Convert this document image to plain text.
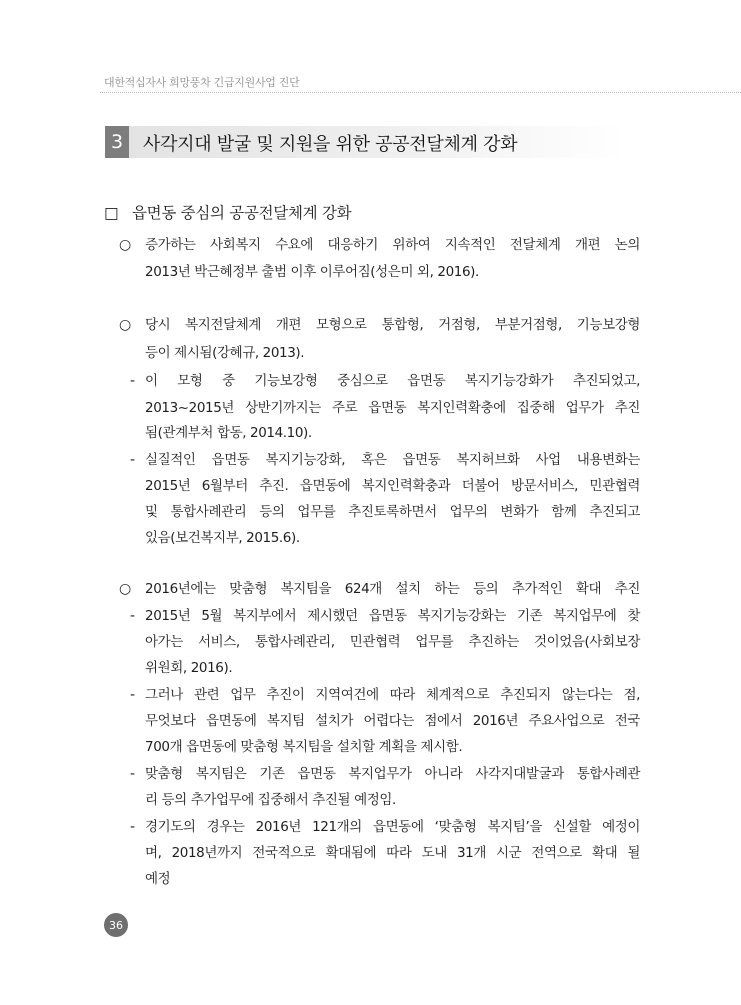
대한적십자사 희망풍차 긴급지원사업 진단
3	사각지대 발굴 및 지원을 위한 공공전달체계 강화
□ 읍면동 중심의 공공전달체계 강화
○ 증가하는 사회복지 수요에 대응하기 위하여 지속적인 전달체계 개편 논의
2013년 박근혜정부 출범 이후 이루어짐(성은미 외, 2016).
○ 당시 복지전달체계 개편 모형으로 통합형, 거점형, 부분거점형, 기능보강형
등이 제시됨(강혜규, 2013).
- 이 모형 중 기능보강형 중심으로 읍면동 복지기능강화가 추진되었고,
2013~2015년 상반기까지는 주로 읍면동 복지인력확충에 집중해 업무가 추진
됨(관계부처 합동, 2014.10).
- 실질적인 읍면동 복지기능강화, 혹은 읍면동 복지허브화 사업 내용변화는
2015년 6월부터 추진. 읍면동에 복지인력확충과 더불어 방문서비스, 민관협력
및 통합사례관리 등의 업무를 추진토록하면서 업무의 변화가 함께 추진되고
있음(보건복지부, 2015.6).
○ 2016년에는 맞춤형 복지팀을 624개 설치 하는 등의 추가적인 확대 추진
- 2015년 5월 복지부에서 제시했던 읍면동 복지기능강화는 기존 복지업무에 찾
아가는 서비스, 통합사례관리, 민관협력 업무를 추진하는 것이었음(사회보장
위원회, 2016).
- 그러나 관련 업무 추진이 지역여건에 따라 체계적으로 추진되지 않는다는 점,
무엇보다 읍면동에 복지팀 설치가 어렵다는 점에서 2016년 주요사업으로 전국
700개 읍면동에 맞춤형 복지팀을 설치할 계획을 제시함.
- 맞춤형 복지팀은 기존 읍면동 복지업무가 아니라 사각지대발굴과 통합사례관
리 등의 추가업무에 집중해서 추진될 예정임.
- 경기도의 경우는 2016년 121개의 읍면동에 ‘맞춤형 복지팀’을 신설할 예정이
며, 2018년까지 전국적으로 확대됨에 따라 도내 31개 시군 전역으로 확대 될
예정
36
